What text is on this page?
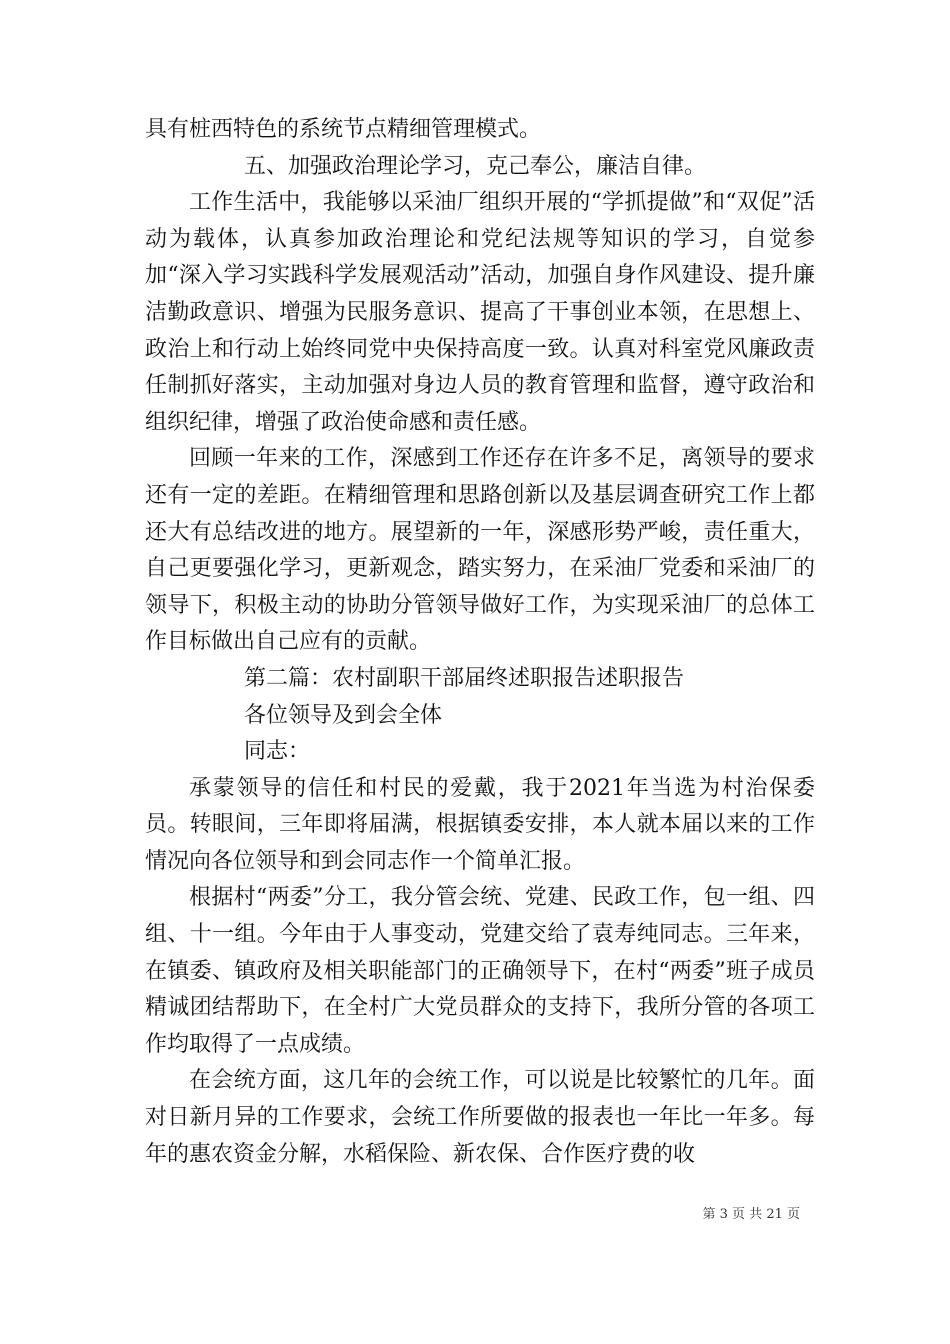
具有桩西特色的系统节点精细管理模式。

五、加强政治理论学习，克己奉公，廉洁自律。

工作生活中，我能够以采油厂组织开展的“学抓提做”和“双促”活动为载体，认真参加政治理论和党纪法规等知识的学习，自觉参加“深入学习实践科学发展观活动”活动，加强自身作风建设、提升廉洁勤政意识、增强为民服务意识、提高了干事创业本领，在思想上、政治上和行动上始终同党中央保持高度一致。认真对科室党风廉政责任制抓好落实，主动加强对身边人员的教育管理和监督，遵守政治和组织纪律，增强了政治使命感和责任感。

回顾一年来的工作，深感到工作还存在许多不足，离领导的要求还有一定的差距。在精细管理和思路创新以及基层调查研究工作上都还大有总结改进的地方。展望新的一年，深感形势严峻，责任重大，自己更要强化学习，更新观念，踏实努力，在采油厂党委和采油厂的领导下，积极主动的协助分管领导做好工作，为实现采油厂的总体工作目标做出自己应有的贡献。

第二篇：农村副职干部届终述职报告述职报告

各位领导及到会全体

同志：

承蒙领导的信任和村民的爱戴，我于2021年当选为村治保委员。转眼间，三年即将届满，根据镇委安排，本人就本届以来的工作情况向各位领导和到会同志作一个简单汇报。

根据村“两委”分工，我分管会统、党建、民政工作，包一组、四组、十一组。今年由于人事变动，党建交给了袁寿纯同志。三年来，在镇委、镇政府及相关职能部门的正确领导下，在村“两委”班子成员精诚团结帮助下，在全村广大党员群众的支持下，我所分管的各项工作均取得了一点成绩。

在会统方面，这几年的会统工作，可以说是比较繁忙的几年。面对日新月异的工作要求，会统工作所要做的报表也一年比一年多。每年的惠农资金分解，水稻保险、新农保、合作医疗费的收

第 3 页 共 21 页
